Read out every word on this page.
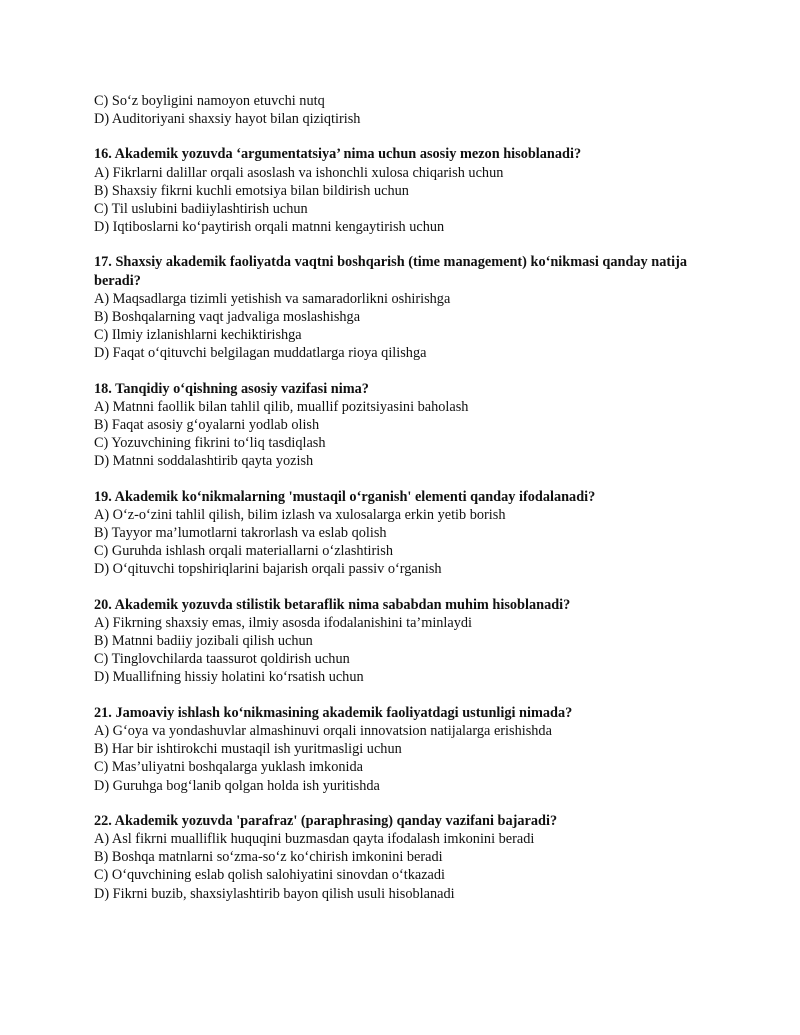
C) So‘z boyligini namoyon etuvchi nutq
D) Auditoriyani shaxsiy hayot bilan qiziqtirish
16. Akademik yozuvda ‘argumentatsiya’ nima uchun asosiy mezon hisoblanadi?
A) Fikrlarni dalillar orqali asoslash va ishonchli xulosa chiqarish uchun
B) Shaxsiy fikrni kuchli emotsiya bilan bildirish uchun
C) Til uslubini badiiylashtirish uchun
D) Iqtiboslarni ko‘paytirish orqali matnni kengaytirish uchun
17. Shaxsiy akademik faoliyatda vaqtni boshqarish (time management) ko‘nikmasi qanday natija beradi?
A) Maqsadlarga tizimli yetishish va samaradorlikni oshirishga
B) Boshqalarning vaqt jadvaliga moslashishga
C) Ilmiy izlanishlarni kechiktirishga
D) Faqat o‘qituvchi belgilagan muddatlarga rioya qilishga
18. Tanqidiy o‘qishning asosiy vazifasi nima?
A) Matnni faollik bilan tahlil qilib, muallif pozitsiyasini baholash
B) Faqat asosiy g‘oyalarni yodlab olish
C) Yozuvchining fikrini to‘liq tasdiqlash
D) Matnni soddalashtirib qayta yozish
19. Akademik ko‘nikmalarning 'mustaqil o‘rganish' elementi qanday ifodalanadi?
A) O‘z-o‘zini tahlil qilish, bilim izlash va xulosalarga erkin yetib borish
B) Tayyor ma’lumotlarni takrorlash va eslab qolish
C) Guruhda ishlash orqali materiallarni o‘zlashtirish
D) O‘qituvchi topshiriqlarini bajarish orqali passiv o‘rganish
20. Akademik yozuvda stilistik betaraflik nima sababdan muhim hisoblanadi?
A) Fikrning shaxsiy emas, ilmiy asosda ifodalanishini ta’minlaydi
B) Matnni badiiy jozibali qilish uchun
C) Tinglovchilarda taassurot qoldirish uchun
D) Muallifning hissiy holatini ko‘rsatish uchun
21. Jamoaviy ishlash ko‘nikmasining akademik faoliyatdagi ustunligi nimada?
A) G‘oya va yondashuvlar almashinuvi orqali innovatsion natijalarga erishishda
B) Har bir ishtirokchi mustaqil ish yuritmasligi uchun
C) Mas’uliyatni boshqalarga yuklash imkonida
D) Guruhga bog‘lanib qolgan holda ish yuritishda
22. Akademik yozuvda 'parafraz' (paraphrasing) qanday vazifani bajaradi?
A) Asl fikrni mualliflik huquqini buzmasdan qayta ifodalash imkonini beradi
B) Boshqa matnlarni so‘zma-so‘z ko‘chirish imkonini beradi
C) O‘quvchining eslab qolish salohiyatini sinovdan o‘tkazadi
D) Fikrni buzib, shaxsiylashtirib bayon qilish usuli hisoblanadi
